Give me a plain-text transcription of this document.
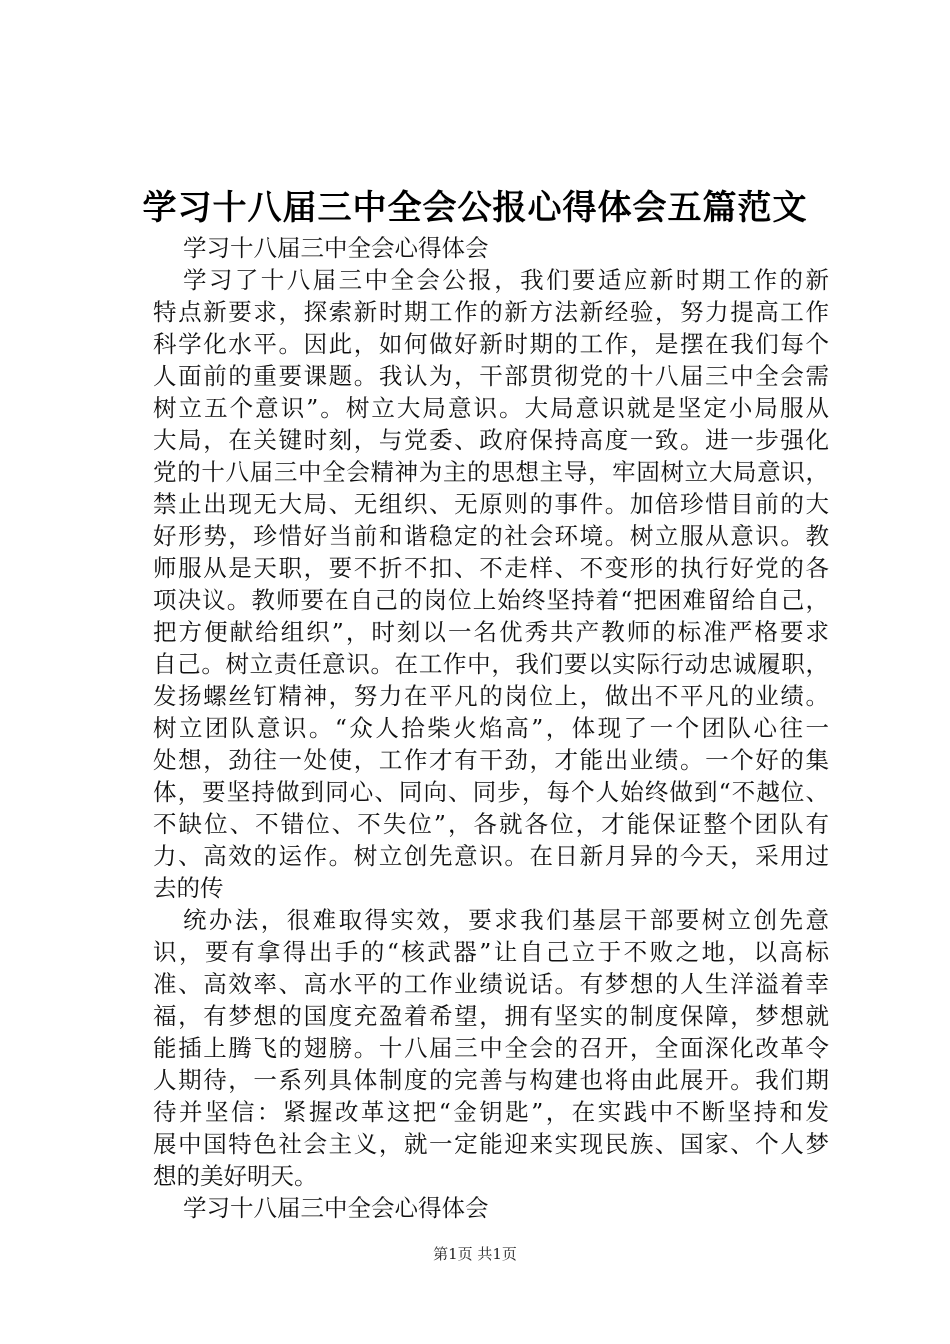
学习十八届三中全会公报心得体会五篇范文
学习十八届三中全会心得体会
学习了十八届三中全会公报，我们要适应新时期工作的新
特点新要求，探索新时期工作的新方法新经验，努力提高工作
科学化水平。因此，如何做好新时期的工作，是摆在我们每个
人面前的重要课题。我认为，干部贯彻党的十八届三中全会需
树立五个意识”。树立大局意识。大局意识就是坚定小局服从
大局，在关键时刻，与党委、政府保持高度一致。进一步强化
党的十八届三中全会精神为主的思想主导，牢固树立大局意识，
禁止出现无大局、无组织、无原则的事件。加倍珍惜目前的大
好形势，珍惜好当前和谐稳定的社会环境。树立服从意识。教
师服从是天职，要不折不扣、不走样、不变形的执行好党的各
项决议。教师要在自己的岗位上始终坚持着“把困难留给自己，
把方便献给组织”，时刻以一名优秀共产教师的标准严格要求
自己。树立责任意识。在工作中，我们要以实际行动忠诚履职，
发扬螺丝钉精神，努力在平凡的岗位上，做出不平凡的业绩。
树立团队意识。“众人拾柴火焰高”，体现了一个团队心往一
处想，劲往一处使，工作才有干劲，才能出业绩。一个好的集
体，要坚持做到同心、同向、同步，每个人始终做到“不越位、
不缺位、不错位、不失位”，各就各位，才能保证整个团队有
力、高效的运作。树立创先意识。在日新月异的今天，采用过
去的传
统办法，很难取得实效，要求我们基层干部要树立创先意
识，要有拿得出手的“核武器”让自己立于不败之地，以高标
准、高效率、高水平的工作业绩说话。有梦想的人生洋溢着幸
福，有梦想的国度充盈着希望，拥有坚实的制度保障，梦想就
能插上腾飞的翅膀。十八届三中全会的召开，全面深化改革令
人期待，一系列具体制度的完善与构建也将由此展开。我们期
待并坚信：紧握改革这把“金钥匙”，在实践中不断坚持和发
展中国特色社会主义，就一定能迎来实现民族、国家、个人梦
想的美好明天。
学习十八届三中全会心得体会
第1页 共1页
